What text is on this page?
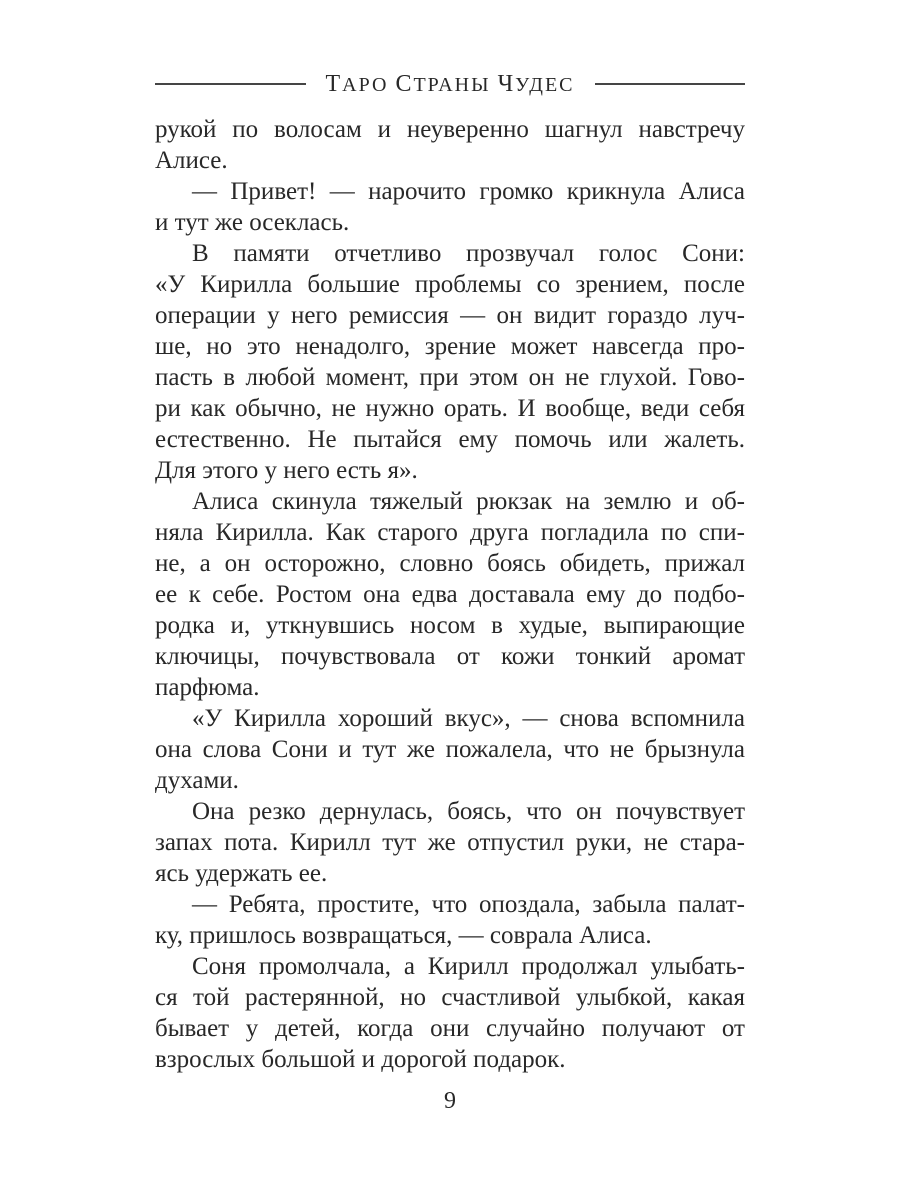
ТАРО СТРАНЫ ЧУДЕС
рукой по волосам и неуверенно шагнул навстречу
Алисе.
— Привет! — нарочито громко крикнула Алиса
и тут же осеклась.
В памяти отчетливо прозвучал голос Сони:
«У Кирилла большие проблемы со зрением, после
операции у него ремиссия — он видит гораздо луч-
ше, но это ненадолго, зрение может навсегда про-
пасть в любой момент, при этом он не глухой. Гово-
ри как обычно, не нужно орать. И вообще, веди себя
естественно. Не пытайся ему помочь или жалеть.
Для этого у него есть я».
Алиса скинула тяжелый рюкзак на землю и об-
няла Кирилла. Как старого друга погладила по спи-
не, а он осторожно, словно боясь обидеть, прижал
ее к себе. Ростом она едва доставала ему до подбо-
родка и, уткнувшись носом в худые, выпирающие
ключицы, почувствовала от кожи тонкий аромат
парфюма.
«У Кирилла хороший вкус», — снова вспомнила
она слова Сони и тут же пожалела, что не брызнула
духами.
Она резко дернулась, боясь, что он почувствует
запах пота. Кирилл тут же отпустил руки, не стара-
ясь удержать ее.
— Ребята, простите, что опоздала, забыла палат-
ку, пришлось возвращаться, — соврала Алиса.
Соня промолчала, а Кирилл продолжал улыбать-
ся той растерянной, но счастливой улыбкой, какая
бывает у детей, когда они случайно получают от
взрослых большой и дорогой подарок.
9
